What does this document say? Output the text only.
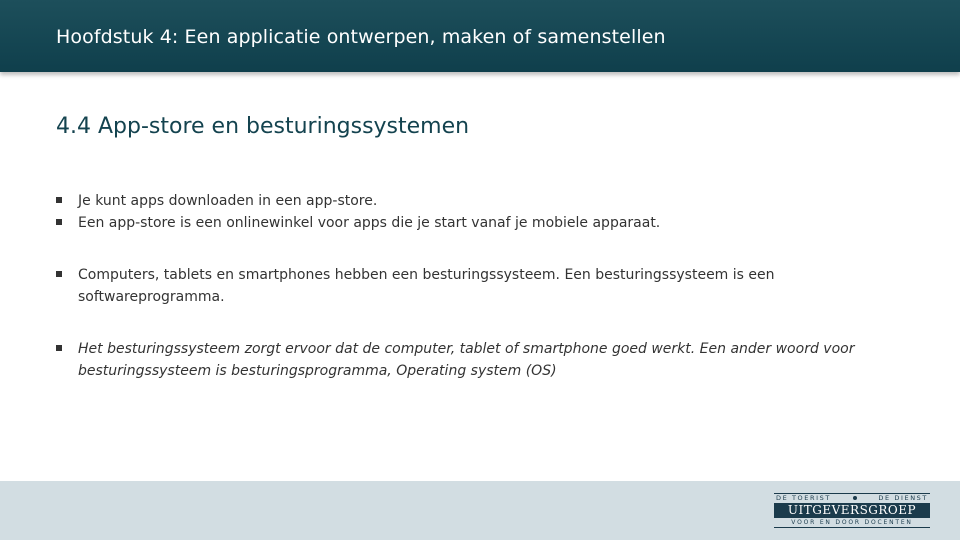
Hoofdstuk 4: Een applicatie ontwerpen, maken of samenstellen
4.4 App-store en besturingssystemen
Je kunt apps downloaden in een app-store.
Een app-store is een onlinewinkel voor apps die je start vanaf je mobiele apparaat.
Computers, tablets en smartphones hebben een besturingssysteem. Een besturingssysteem is een softwareprogramma.
Het besturingssysteem zorgt ervoor dat de computer, tablet of smartphone goed werkt. Een ander woord voor besturingssysteem is besturingsprogramma, Operating system (OS)
DE TOERIST	DE DIENST
UITGEVERSGROEP
VOOR EN DOOR DOCENTEN
